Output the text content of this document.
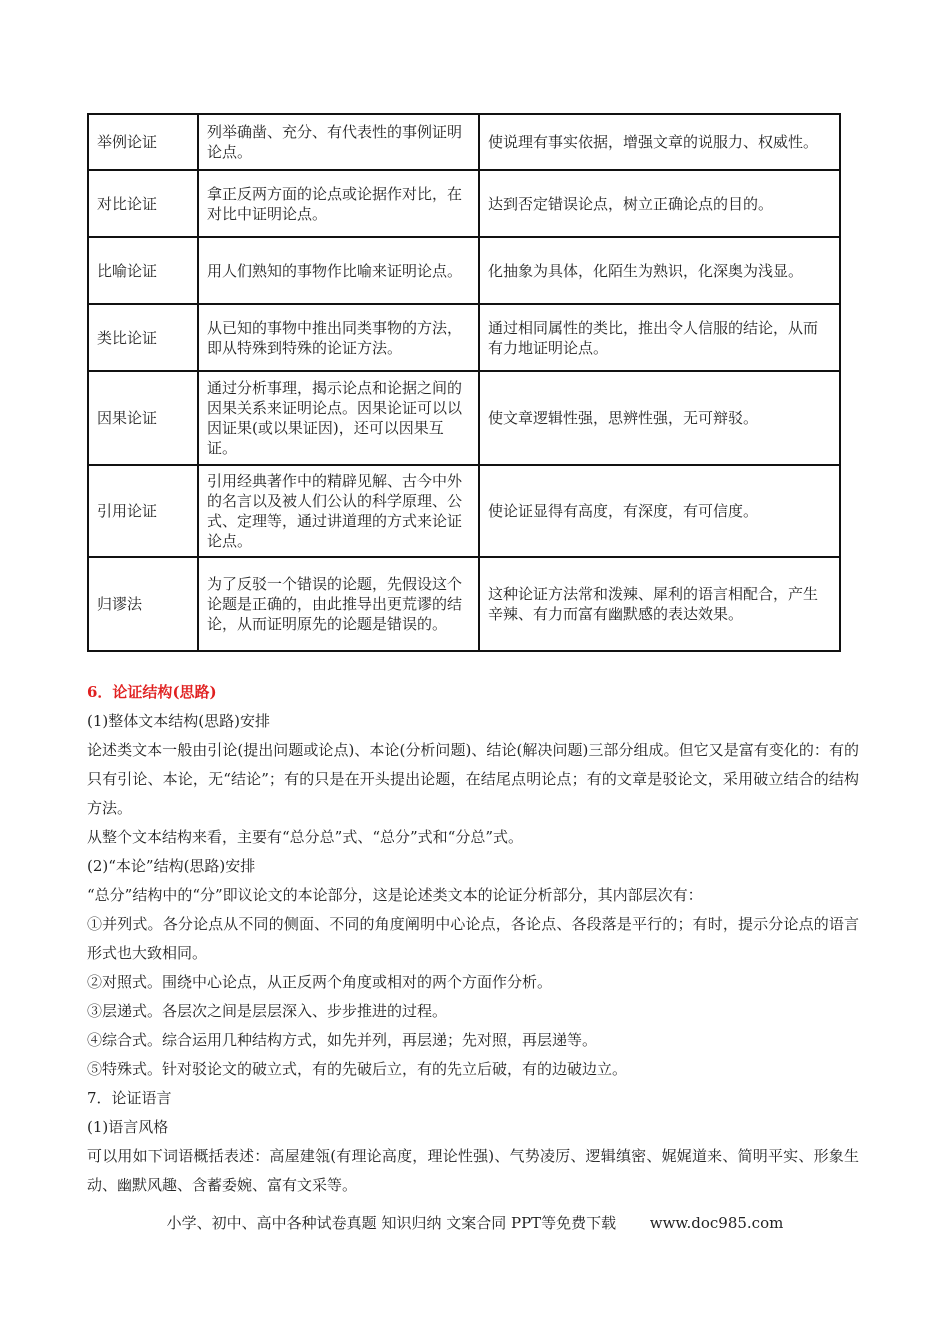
举例论证	列举确凿、充分、有代表性的事例证明论点。	使说理有事实依据，增强文章的说服力、权威性。
对比论证	拿正反两方面的论点或论据作对比，在对比中证明论点。	达到否定错误论点，树立正确论点的目的。
比喻论证	用人们熟知的事物作比喻来证明论点。	化抽象为具体，化陌生为熟识，化深奥为浅显。
类比论证	从已知的事物中推出同类事物的方法，即从特殊到特殊的论证方法。	通过相同属性的类比，推出令人信服的结论，从而有力地证明论点。
因果论证	通过分析事理，揭示论点和论据之间的因果关系来证明论点。因果论证可以以因证果(或以果证因)，还可以因果互证。	使文章逻辑性强，思辨性强，无可辩驳。
引用论证	引用经典著作中的精辟见解、古今中外的名言以及被人们公认的科学原理、公式、定理等，通过讲道理的方式来论证论点。	使论证显得有高度，有深度，有可信度。
归谬法	为了反驳一个错误的论题，先假设这个论题是正确的，由此推导出更荒谬的结论，从而证明原先的论题是错误的。	这种论证方法常和泼辣、犀利的语言相配合，产生辛辣、有力而富有幽默感的表达效果。
6．论证结构(思路)
(1)整体文本结构(思路)安排
论述类文本一般由引论(提出问题或论点)、本论(分析问题)、结论(解决问题)三部分组成。但它又是富有变化的：有的只有引论、本论，无“结论”；有的只是在开头提出论题，在结尾点明论点；有的文章是驳论文，采用破立结合的结构方法。
从整个文本结构来看，主要有“总分总”式、“总分”式和“分总”式。
(2)“本论”结构(思路)安排
“总分”结构中的“分”即议论文的本论部分，这是论述类文本的论证分析部分，其内部层次有：
①并列式。各分论点从不同的侧面、不同的角度阐明中心论点，各论点、各段落是平行的；有时，提示分论点的语言形式也大致相同。
②对照式。围绕中心论点，从正反两个角度或相对的两个方面作分析。
③层递式。各层次之间是层层深入、步步推进的过程。
④综合式。综合运用几种结构方式，如先并列，再层递；先对照，再层递等。
⑤特殊式。针对驳论文的破立式，有的先破后立，有的先立后破，有的边破边立。
7．论证语言
(1)语言风格
可以用如下词语概括表述：高屋建瓴(有理论高度，理论性强)、气势凌厉、逻辑缜密、娓娓道来、简明平实、形象生动、幽默风趣、含蓄委婉、富有文采等。
小学、初中、高中各种试卷真题 知识归纳 文案合同 PPT等免费下载 www.doc985.com
